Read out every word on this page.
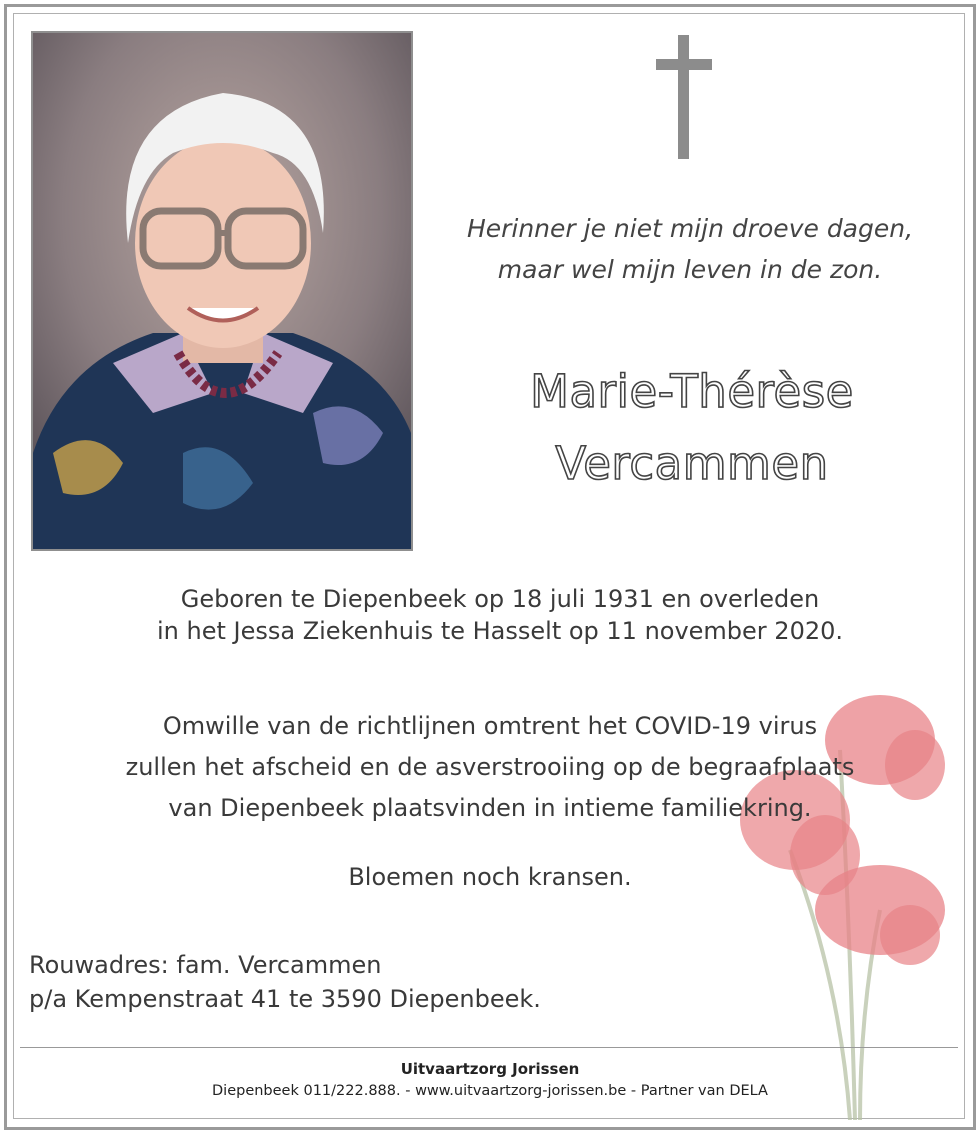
Herinner je niet mijn droeve dagen,
maar wel mijn leven in de zon.
Marie-Thérèse
Vercammen
Geboren te Diepenbeek op 18 juli 1931 en overleden
in het Jessa Ziekenhuis te Hasselt op 11 november 2020.
Omwille van de richtlijnen omtrent het COVID-19 virus
zullen het afscheid en de asverstrooiing op de begraafplaats
van Diepenbeek plaatsvinden in intieme familiekring.
Bloemen noch kransen.
Rouwadres: fam. Vercammen
p/a Kempenstraat 41 te 3590 Diepenbeek.
Uitvaartzorg Jorissen
Diepenbeek 011/222.888. - www.uitvaartzorg-jorissen.be - Partner van DELA
